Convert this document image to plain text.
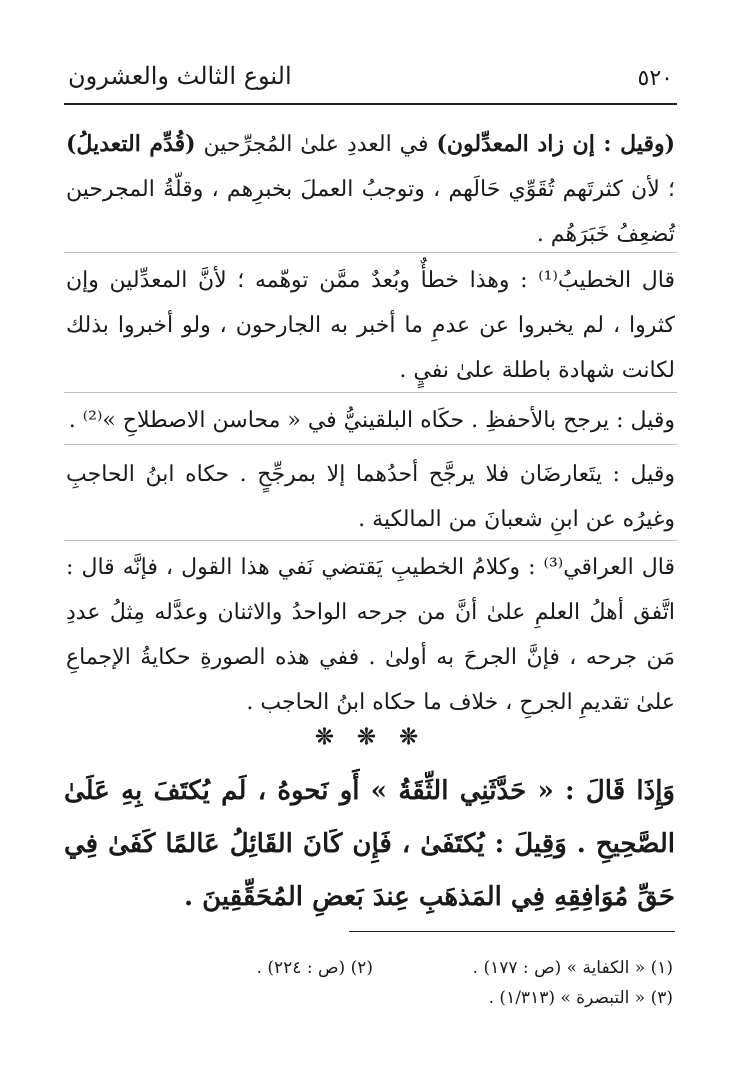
٥٢٠
النوع الثالث والعشرون
(وقيل : إن زاد المعدِّلون) في العددِ علىٰ المُجرِّحين (قُدِّم التعديلُ) ؛ لأن كثرتَهم تُقَوِّي حَالَهم ، وتوجبُ العملَ بخبرِهم ، وقلّةُ المجرحين تُضعِفُ خَبَرَهُم .
قال الخطيبُ⁽¹⁾ : وهذا خطأٌ وبُعدٌ ممَّن توهّمه ؛ لأنَّ المعدِّلين وإن كثروا ، لم يخبروا عن عدمِ ما أخبر به الجارحون ، ولو أخبروا بذلك لكانت شهادة باطلة علىٰ نفيٍ .
وقيل : يرجح بالأحفظِ . حكَاه البلقينيُّ في « محاسن الاصطلاحِ »⁽²⁾ .
وقيل : يتَعارضَان فلا يرجَّح أحدُهما إلا بمرجِّحٍ . حكاه ابنُ الحاجبِ وغيرُه عن ابنِ شعبانَ من المالكية .
قال العراقي⁽³⁾ : وكلامُ الخطيبِ يَقتضي نَفي هذا القول ، فإنَّه قال : اتَّفق أهلُ العلمِ علىٰ أنَّ من جرحه الواحدُ والاثنان وعدَّله مِثلُ عددِ مَن جرحه ، فإنَّ الجرحَ به أولىٰ . ففي هذه الصورةِ حكايةُ الإجماعِ علىٰ تقديمِ الجرحِ ، خلاف ما حكاه ابنُ الحاجب .
❊ ❊ ❊
وَإِذَا قَالَ : « حَدَّثَنِي الثِّقَةُ » أَو نَحوهُ ، لَم يُكتَفَ بِهِ عَلَىٰ الصَّحِيحِ . وَقِيلَ : يُكتَفَىٰ ، فَإِن كَانَ القَائِلُ عَالمًا كَفَىٰ فِي حَقِّ مُوَافِقِهِ فِي المَذهَبِ عِندَ بَعضِ المُحَقِّقِينَ .
(١) « الكفاية » (ص : ١٧٧) .
(٢) (ص : ٢٢٤) .
(٣) « التبصرة » (١/٣١٣) .
